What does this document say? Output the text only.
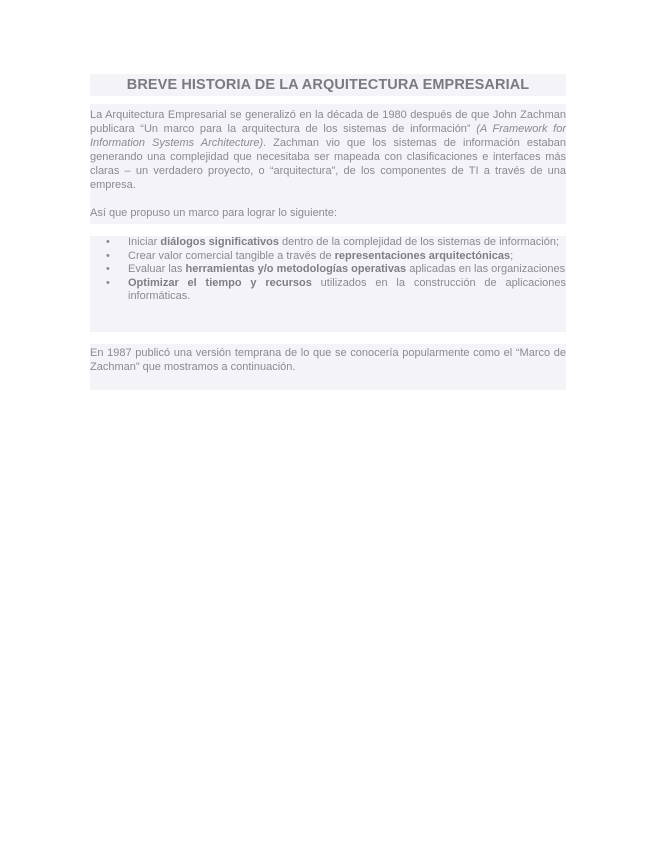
BREVE HISTORIA DE LA ARQUITECTURA EMPRESARIAL

La Arquitectura Empresarial se generalizó en la década de 1980 después de que John Zachman publicara “Un marco para la arquitectura de los sistemas de información” (A Framework for Information Systems Architecture). Zachman vio que los sistemas de información estaban generando una complejidad que necesitaba ser mapeada con clasificaciones e interfaces más claras – un verdadero proyecto, o “arquitectura”, de los componentes de TI a través de una empresa.

Así que propuso un marco para lograr lo siguiente:

• Iniciar diálogos significativos dentro de la complejidad de los sistemas de información;
• Crear valor comercial tangible a través de representaciones arquitectónicas;
• Evaluar las herramientas y/o metodologías operativas aplicadas en las organizaciones
• Optimizar el tiempo y recursos utilizados en la construcción de aplicaciones informáticas.

En 1987 publicó una versión temprana de lo que se conocería popularmente como el “Marco de Zachman” que mostramos a continuación.
